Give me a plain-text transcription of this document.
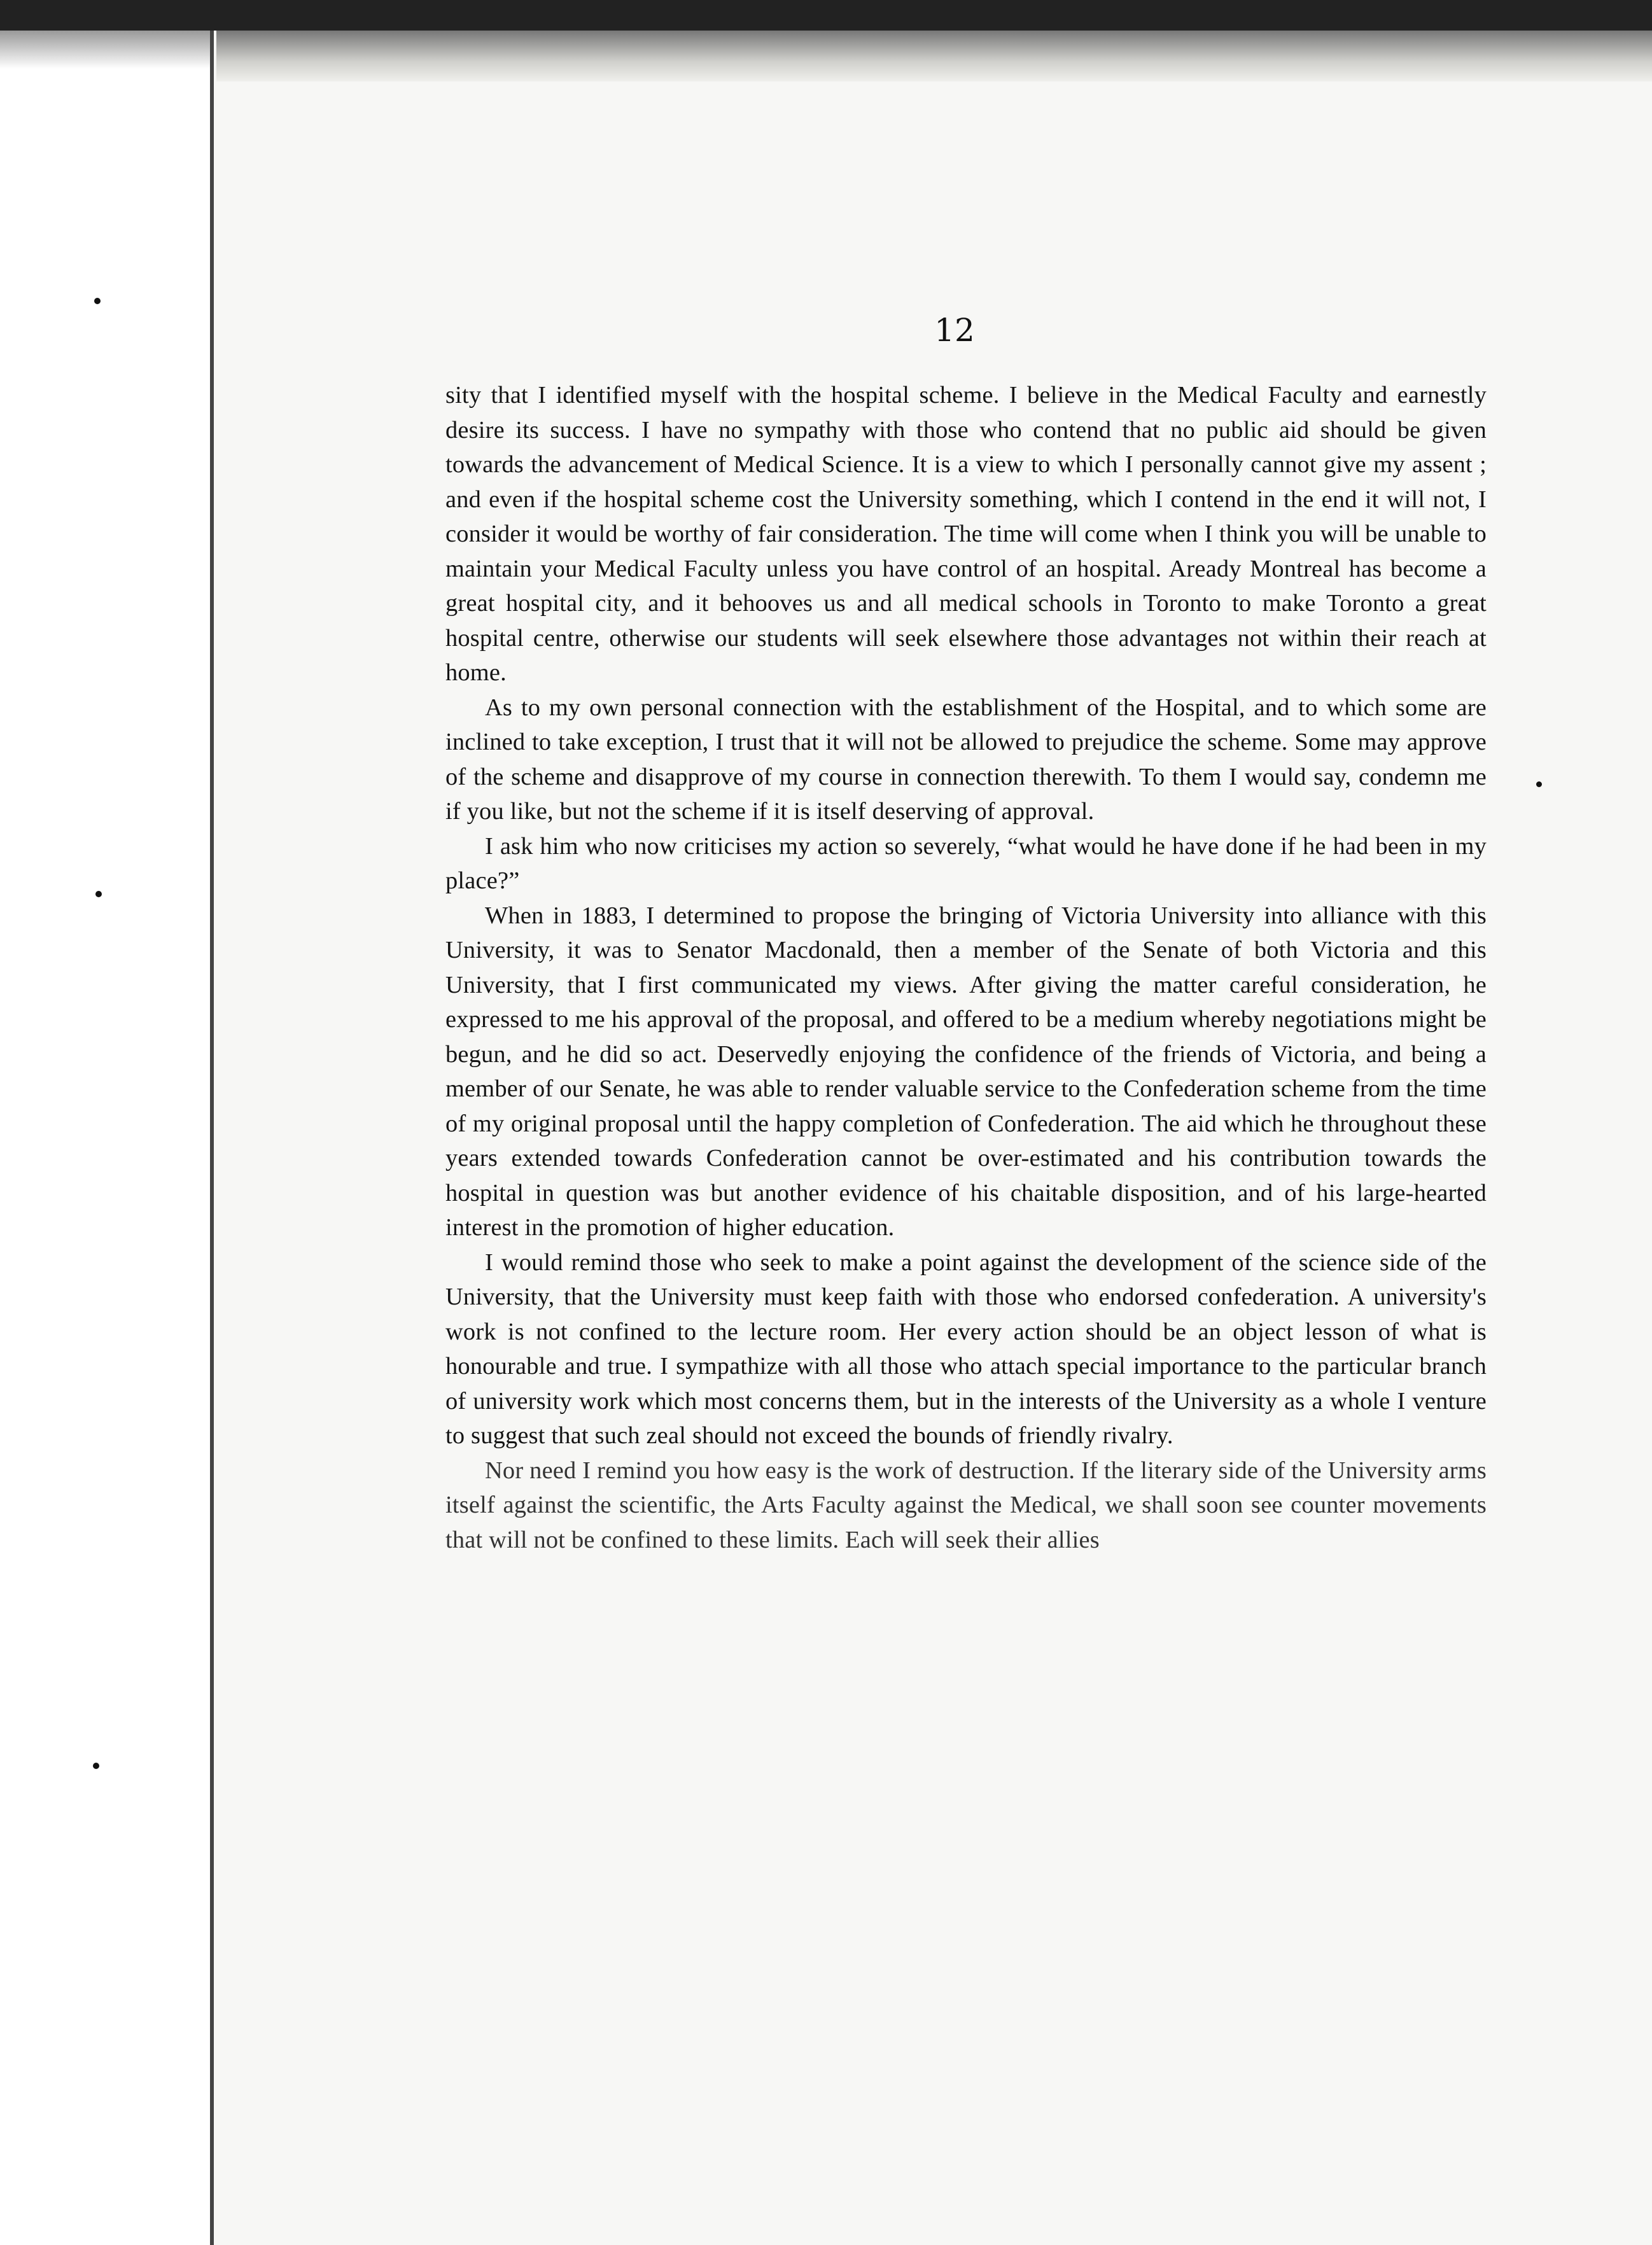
12

sity that I identified myself with the hospital scheme. I believe in the Medical Faculty and earnestly desire its success. I have no sympathy with those who contend that no public aid should be given towards the advancement of Medical Science. It is a view to which I personally cannot give my assent ; and even if the hospital scheme cost the University something, which I contend in the end it will not, I consider it would be worthy of fair consideration. The time will come when I think you will be unable to maintain your Medical Faculty unless you have control of an hospital. Aready Montreal has become a great hospital city, and it behooves us and all medical schools in Toronto to make Toronto a great hospital centre, otherwise our students will seek elsewhere those advantages not within their reach at home.

As to my own personal connection with the establishment of the Hospital, and to which some are inclined to take exception, I trust that it will not be allowed to prejudice the scheme. Some may approve of the scheme and disapprove of my course in connection therewith. To them I would say, condemn me if you like, but not the scheme if it is itself deserving of approval.

I ask him who now criticises my action so severely, “what would he have done if he had been in my place?”

When in 1883, I determined to propose the bringing of Victoria University into alliance with this University, it was to Senator Macdonald, then a member of the Senate of both Victoria and this University, that I first communicated my views. After giving the matter careful consideration, he expressed to me his approval of the proposal, and offered to be a medium whereby negotiations might be begun, and he did so act. Deservedly enjoying the confidence of the friends of Victoria, and being a member of our Senate, he was able to render valuable service to the Confederation scheme from the time of my original proposal until the happy completion of Confederation. The aid which he throughout these years extended towards Confederation cannot be over-estimated and his contribution towards the hospital in question was but another evidence of his chaitable disposition, and of his large-hearted interest in the promotion of higher education.

I would remind those who seek to make a point against the development of the science side of the University, that the University must keep faith with those who endorsed confederation. A university's work is not confined to the lecture room. Her every action should be an object lesson of what is honourable and true. I sympathize with all those who attach special importance to the particular branch of university work which most concerns them, but in the interests of the University as a whole I venture to suggest that such zeal should not exceed the bounds of friendly rivalry.

Nor need I remind you how easy is the work of destruction. If the literary side of the University arms itself against the scientific, the Arts Faculty against the Medical, we shall soon see counter movements that will not be confined to these limits. Each will seek their allies
